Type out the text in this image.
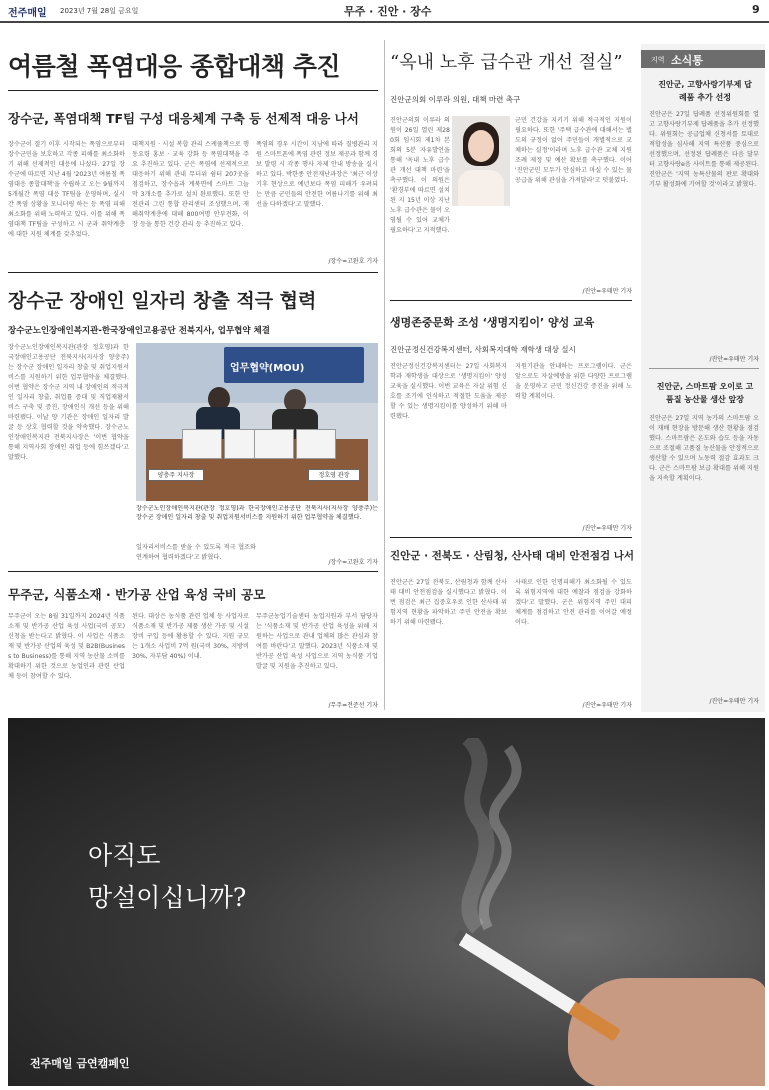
전주매일 2023년 7월 28일 금요일	무주 · 진안 · 장수	9
여름철 폭염대응 종합대책 추진
장수군, 폭염대책 TF팀 구성 대응체계 구축 등 선제적 대응 나서
장수군이 절기 이후 시작되는 폭염으로부터 장수군민을 보호하고 각종 피해를 최소화하기 위해 선제적인 대응에 나섰다. 27일 장수군에 따르면 지난 4월 '2023년 여름철 폭염대응 종합대책'을 수립하고 오는 9월까지 5개월간 폭염 대응 TF팀을 운영하며, 실시간 폭염 상황을 모니터링 하는 등 폭염 피해 최소화를 위해 노력하고 있다. 이를 위해 폭염대책 TF팀을 구성하고 시 군과 취약계층에 대한 지원 체계를 갖추었다.
대책지원 · 시설 복합 관리 스케쥴책으로 행동요령 홍보 · 교육 강화 등 폭염대책을 주요 추진하고 있다. 군은 폭염에 선제적으로 대응하기 위해 관내 무더위 쉼터 207곳을 점검하고, 장수읍과 계북면에 스마트 그늘막 3개소를 추가로 설치 완료했다. 또한 안전관리 그린 통합 관리센터 조성했으며, 재해취약계층에 대해 800여명 안부전화, 이장 등을 통한 건강 관리 등 추진하고 있다.
폭염의 경우 시간이 지남에 따라 질병관리 지원 스마트폰에 폭염 관련 정보 제공과 함께 경보 발령 시 각종 행사 자제 안내 방송을 실시하고 있다. 박한종 안전재난과장은 '최근 이상 기후 현상으로 예년보다 폭염 피해가 우려되는 만큼 군민들의 안전한 여름나기를 위해 최선을 다하겠다'고 말했다.
/장수=고완호 기자
장수군 장애인 일자리 창출 적극 협력
장수군노인장애인복지관-한국장애인고용공단 전북지사, 업무협약 체결
장수군노인장애인복지관(관장 정호영)과 한국장애인고용공단 전북지사(지사장 양충주)는 장수군 장애인 일자리 창출 및 취업지원서비스를 지원하기 위한 업무협약을 체결했다. 이번 협약은 장수군 지역 내 장애인의 적극적인 일자리 창출, 취업률 증대 및 직업재활서비스 구축 및 증진, 장애인식 개선 등을 위해 마련됐다. 이날 양 기관은 장애인 일자리 발굴 등 상호 협력할 것을 약속했다. 장수군노인장애인복지관 전북지사장은 '이번 협약을 통해 지역사회 장애인 취업 등에 힘쓰겠다'고 말했다.
업무협약(MOU)
양충주 지사장	정호영 관장
장수군노인장애인복지관(관장 정호영)과 한국장애인고용공단 전북지사(지사장 양충주)는 장수군 장애인 일자리 창출 및 취업지원서비스를 지원하기 위한 업무협약을 체결했다.
일자리서비스를 받을 수 있도록 적극 협조와 연계하여 협력하겠다'고 밝혔다.
/장수=고완호 기자
무주군, 식품소재 · 반가공 산업 육성 국비 공모
무주군이 오는 8월 31일까지 2024년 식품소재 및 반가공 산업 육성 사업(국비 공모) 신청을 받는다고 밝혔다. 이 사업은 식품소재 및 반가공 산업의 육성 및 B2B(Business to Business)를 통해 지역 농산물 소비를 확대하기 위한 것으로 농업인과 관련 산업체 등이 참여할 수 있다.
된다. 대상은 농식품 관련 업체 등 사업자로 식품소재 및 반가공 제품 생산 가공 및 시설 장비 구입 등에 활용할 수 있다. 지원 규모는 1개소 사업비 7억 원(국비 30%, 지방비 30%, 자부담 40%) 이내.
무주군농업기술센터 농업지원과 부서 담당자는 '식품소재 및 반가공 산업 육성을 위해 지원하는 사업으로 관내 업체의 많은 관심과 참여를 바란다'고 말했다. 2023년 식품소재 및 반가공 산업 육성 사업으로 지역 농식품 기업 발굴 및 지원을 추진하고 있다.
/무주=전준선 기자
“옥내 노후 급수관 개선 절실”
진안군의회 이루라 의원, 대책 마련 촉구
진안군의회 이루라 의원이 26일 열린 제280회 임시회 제1차 본회의 5분 자유발언을 통해 '옥내 노후 급수관 개선 대책 마련'을 촉구했다. 이 의원은 '환경부에 따르면 설치된 지 15년 이상 지난 노후 급수관은 물이 오염될 수 있어 교체가 필요하다'고 지적했다.
군민 건강을 지키기 위해 적극적인 지원이 필요하다. 또한 '주택 급수관에 대해서는 별도의 규정이 없어 주민들이 개별적으로 교체하는 실정'이라며 노후 급수관 교체 지원 조례 제정 및 예산 확보를 촉구했다. 이어 '진안군민 모두가 안심하고 마실 수 있는 물 공급을 위해 관심을 가져달라'고 덧붙였다.
/진안=우태만 기자
생명존중문화 조성 ‘생명지킴이’ 양성 교육
진안군정신건강복지센터, 사회복지대학 재학생 대상 실시
진안군정신건강복지센터는 27일 사회복지학과 재학생을 대상으로 '생명지킴이' 양성 교육을 실시했다. 이번 교육은 자살 위험 신호를 조기에 인식하고 적절한 도움을 제공할 수 있는 생명지킴이를 양성하기 위해 마련됐다.
지원기관을 안내하는 프로그램이다. 군은 앞으로도 자살예방을 위한 다양한 프로그램을 운영하고 군민 정신건강 증진을 위해 노력할 계획이다.
/진안=우태만 기자
진안군 · 전북도 · 산림청, 산사태 대비 안전점검 나서
진안군은 27일 전북도, 산림청과 함께 산사태 대비 안전점검을 실시했다고 밝혔다. 이번 점검은 최근 집중호우로 인한 산사태 위험지역 현황을 파악하고 주민 안전을 확보하기 위해 마련됐다.
사태로 인한 인명피해가 최소화될 수 있도록 위험지역에 대한 예찰과 점검을 강화하겠다'고 말했다. 군은 위험지역 주민 대피 체계를 점검하고 안전 관리를 이어갈 예정이다.
/진안=우태만 기자
지역 소식통
진안군, 고향사랑기부제 답례품 추가 선정
진안군은 27일 답례품 선정위원회를 열고 고향사랑기부제 답례품을 추가 선정했다. 위원회는 공급업체 신청서를 토대로 적합성을 심사해 지역 특산품 중심으로 선정했으며, 선정된 답례품은 다음 달부터 고향사랑e음 사이트를 통해 제공된다. 진안군은 '지역 농특산물의 판로 확대와 기부 활성화에 기여할 것'이라고 밝혔다.
/진안=우태만 기자
진안군, 스마트팜 오이로 고품질 농산물 생산 앞장
진안군은 27일 지역 농가의 스마트팜 오이 재배 현장을 방문해 생산 현황을 점검했다. 스마트팜은 온도와 습도 등을 자동으로 조절해 고품질 농산물을 안정적으로 생산할 수 있으며 노동력 절감 효과도 크다. 군은 스마트팜 보급 확대를 위해 지원을 지속할 계획이다.
/진안=우태만 기자
아직도
망설이십니까?
전주매일 금연캠페인
